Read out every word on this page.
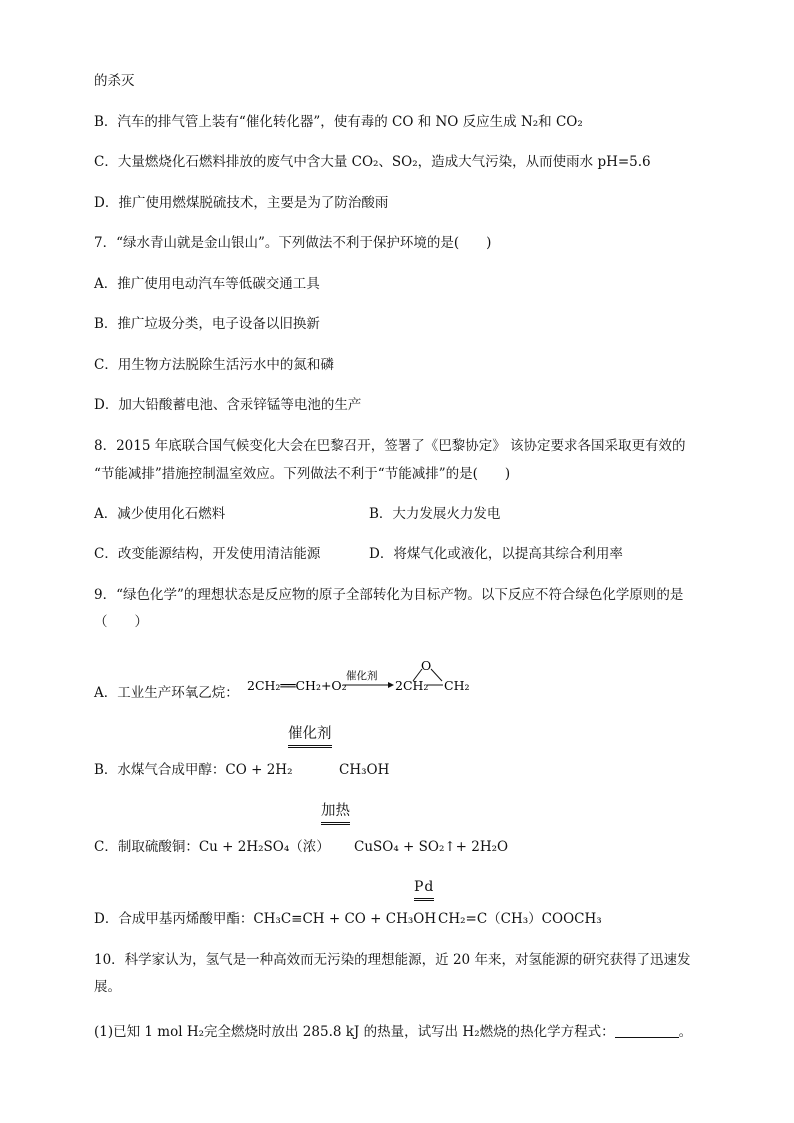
的杀灭
B．汽车的排气管上装有“催化转化器”，使有毒的 CO 和 NO 反应生成 N₂和 CO₂
C．大量燃烧化石燃料排放的废气中含大量 CO₂、SO₂，造成大气污染，从而使雨水 pH=5.6
D．推广使用燃煤脱硫技术，主要是为了防治酸雨
7．“绿水青山就是金山银山”。下列做法不利于保护环境的是(　　)
A．推广使用电动汽车等低碳交通工具
B．推广垃圾分类，电子设备以旧换新
C．用生物方法脱除生活污水中的氮和磷
D．加大铅酸蓄电池、含汞锌锰等电池的生产
8．2015 年底联合国气候变化大会在巴黎召开，签署了《巴黎协定》 该协定要求各国采取更有效的
“节能减排”措施控制温室效应。下列做法不利于“节能减排”的是(　　)
A．减少使用化石燃料	B．大力发展火力发电
C．改变能源结构，开发使用清洁能源	D．将煤气化或液化，以提高其综合利用率
9．“绿色化学”的理想状态是反应物的原子全部转化为目标产物。以下反应不符合绿色化学原则的是
（　　）
A．工业生产环氧乙烷： 2CH₂══CH₂+O₂
催化剂
2CH₂ CH₂
O
催化剂
B．水煤气合成甲醇：CO + 2H₂	CH₃OH
加热
C．制取硫酸铜：Cu + 2H₂SO₄（浓） CuSO₄ + SO₂↑+ 2H₂O
Pd
D．合成甲基丙烯酸甲酯：CH₃C≡CH + CO + CH₃OH CH₂=C（CH₃）COOCH₃
10．科学家认为，氢气是一种高效而无污染的理想能源，近 20 年来，对氢能源的研究获得了迅速发
展。
(1)已知 1 mol H₂完全燃烧时放出 285.8 kJ 的热量，试写出 H₂燃烧的热化学方程式：	。
